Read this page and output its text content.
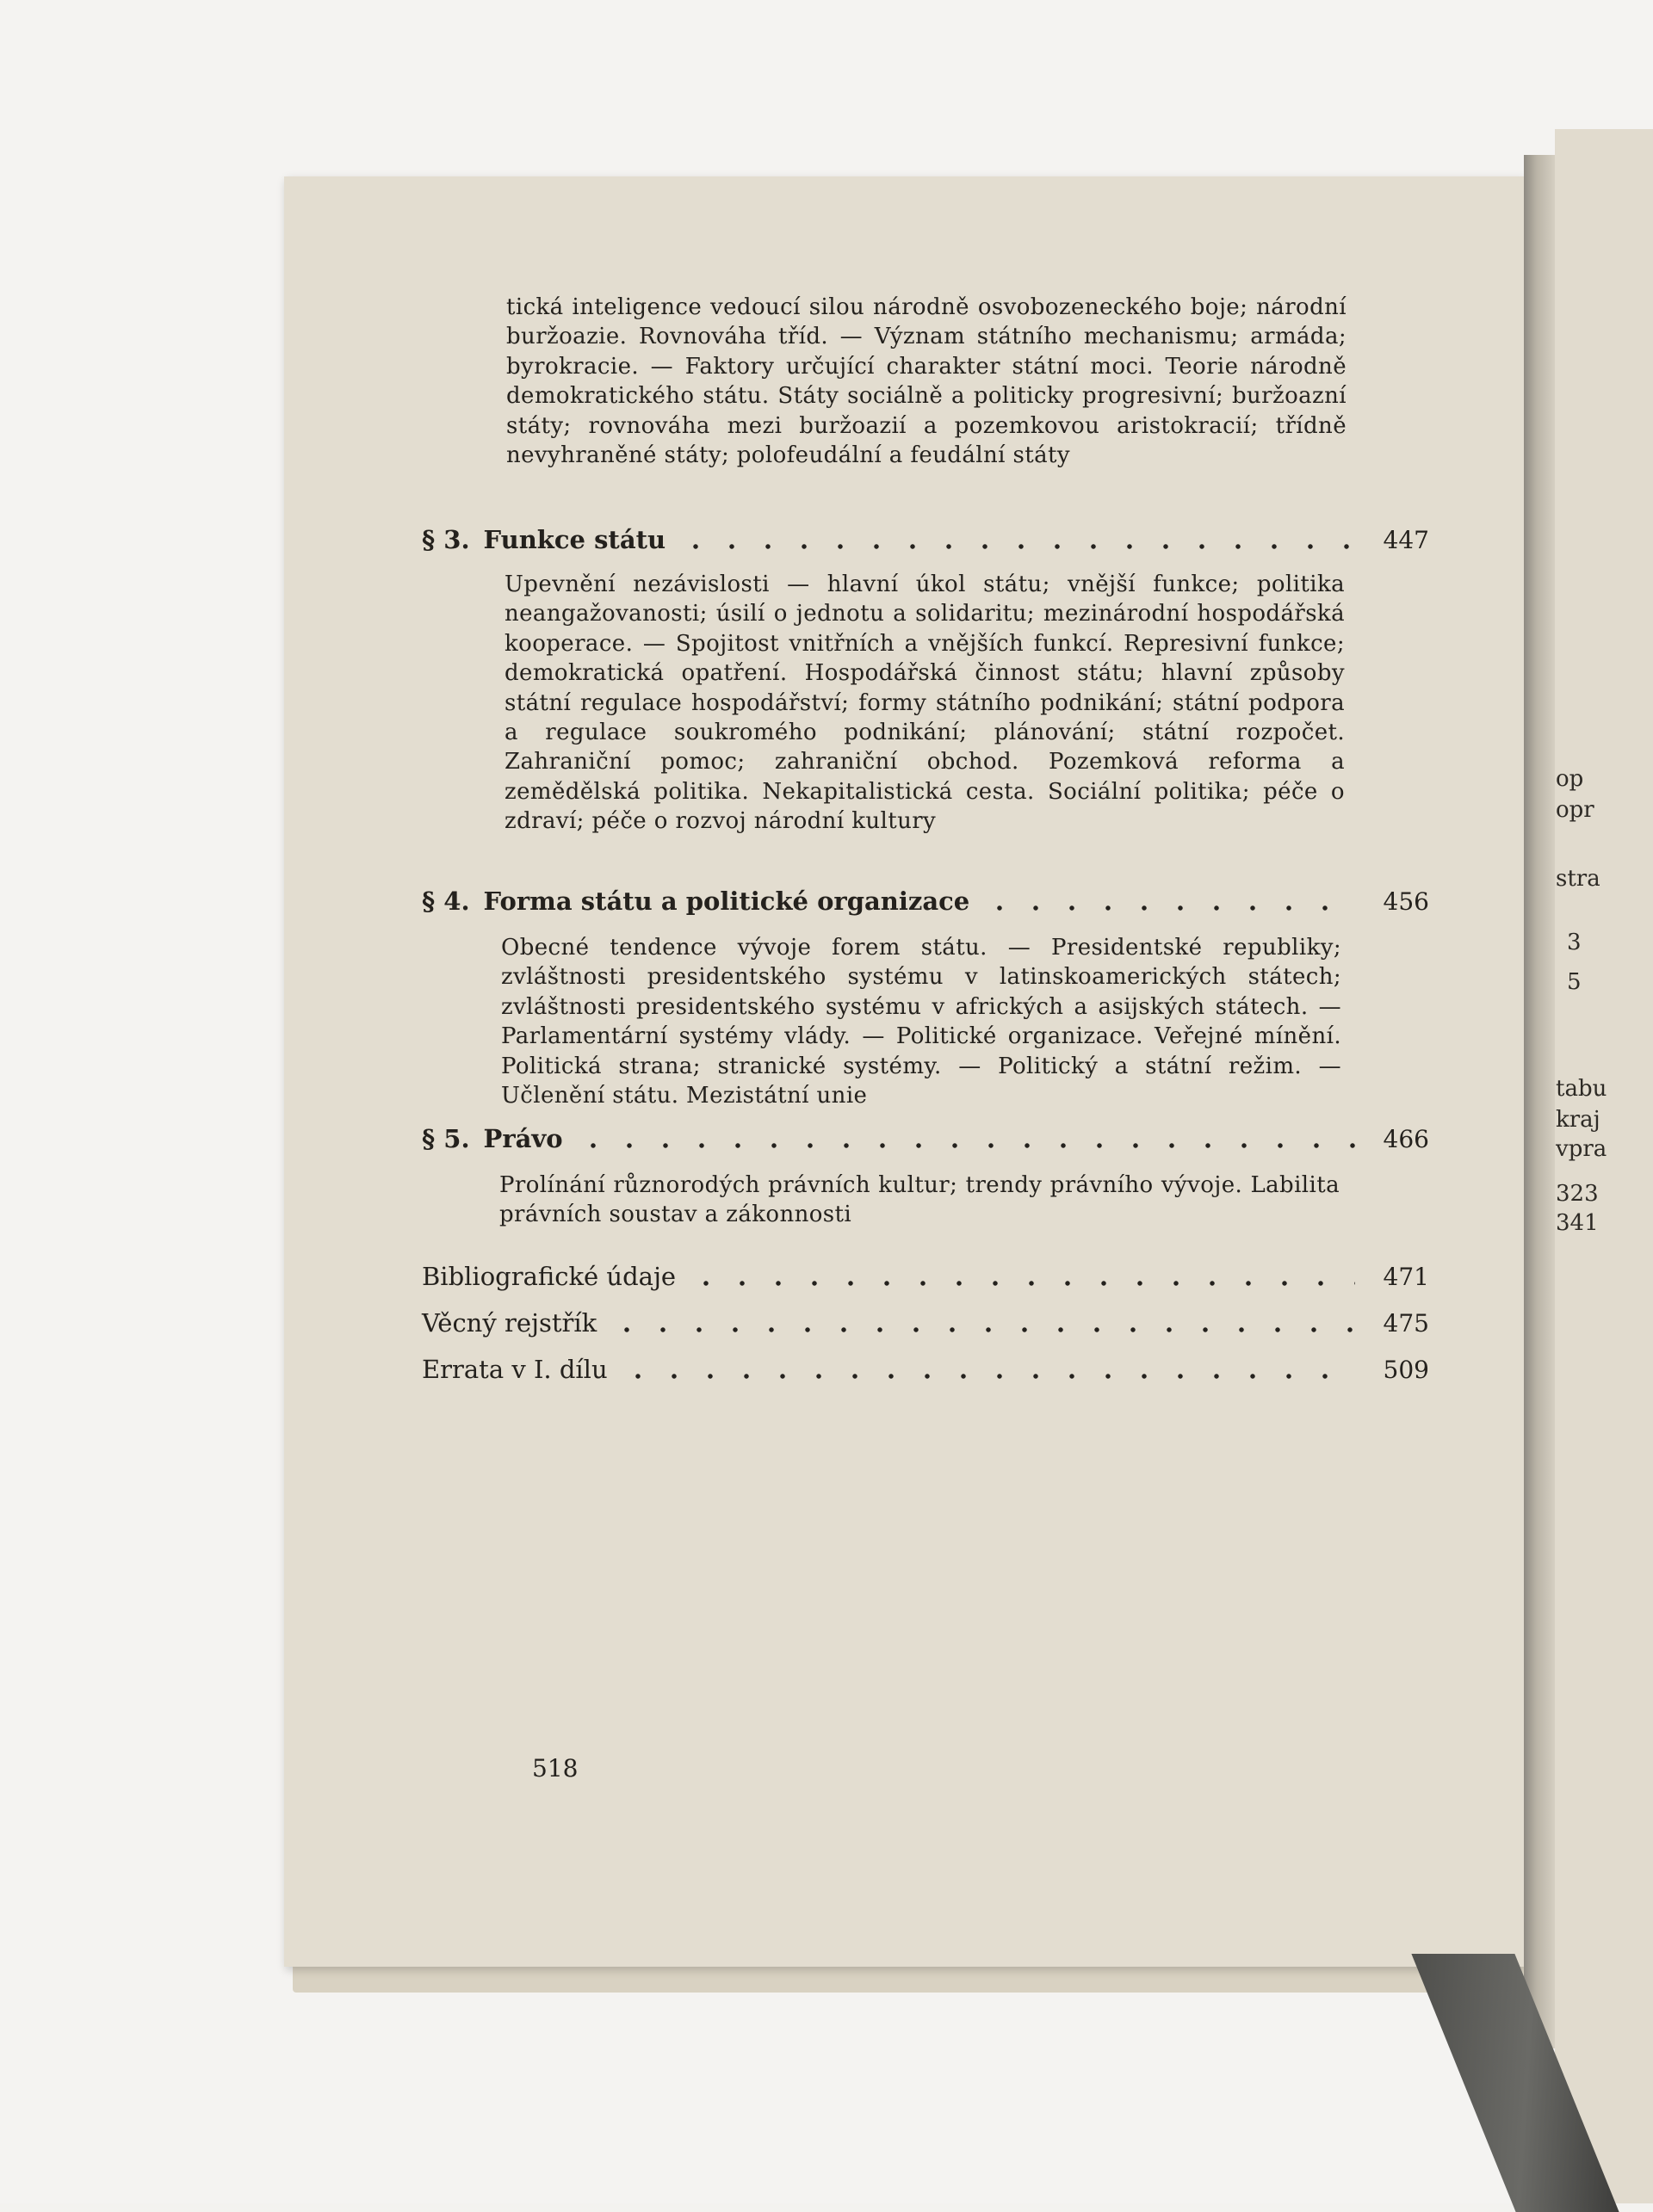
op
opr
stra
3
5
tabu
kraj
vpra
323
341

tická inteligence vedoucí silou národně osvobozeneckého boje; národní buržoazie. Rovnováha tříd. — Význam státního mechanismu; armáda; byrokracie. — Faktory určující charakter státní moci. Teorie národně demokratického státu. Státy sociálně a politicky progresivní; buržoazní státy; rovnováha mezi buržoazií a pozemkovou aristokracií; třídně nevyhraněné státy; polofeudální a feudální státy

§ 3. Funkce státu	447

Upevnění nezávislosti — hlavní úkol státu; vnější funkce; politika neangažovanosti; úsilí o jednotu a solidaritu; mezinárodní hospodářská kooperace. — Spojitost vnitřních a vnějších funkcí. Represivní funkce; demokratická opatření. Hospodářská činnost státu; hlavní způsoby státní regulace hospodářství; formy státního podnikání; státní podpora a regulace soukromého podnikání; plánování; státní rozpočet. Zahraniční pomoc; zahraniční obchod. Pozemková reforma a zemědělská politika. Nekapitalistická cesta. Sociální politika; péče o zdraví; péče o rozvoj národní kultury

§ 4. Forma státu a politické organizace	456

Obecné tendence vývoje forem státu. — Presidentské republiky; zvláštnosti presidentského systému v latinskoamerických státech; zvláštnosti presidentského systému v afrických a asijských státech. — Parlamentární systémy vlády. — Politické organizace. Veřejné mínění. Politická strana; stranické systémy. — Politický a státní režim. — Učlenění státu. Mezistátní unie

§ 5. Právo	466

Prolínání různorodých právních kultur; trendy právního vývoje. Labilita právních soustav a zákonnosti

Bibliografické údaje	471
Věcný rejstřík	475
Errata v I. dílu	509
518
